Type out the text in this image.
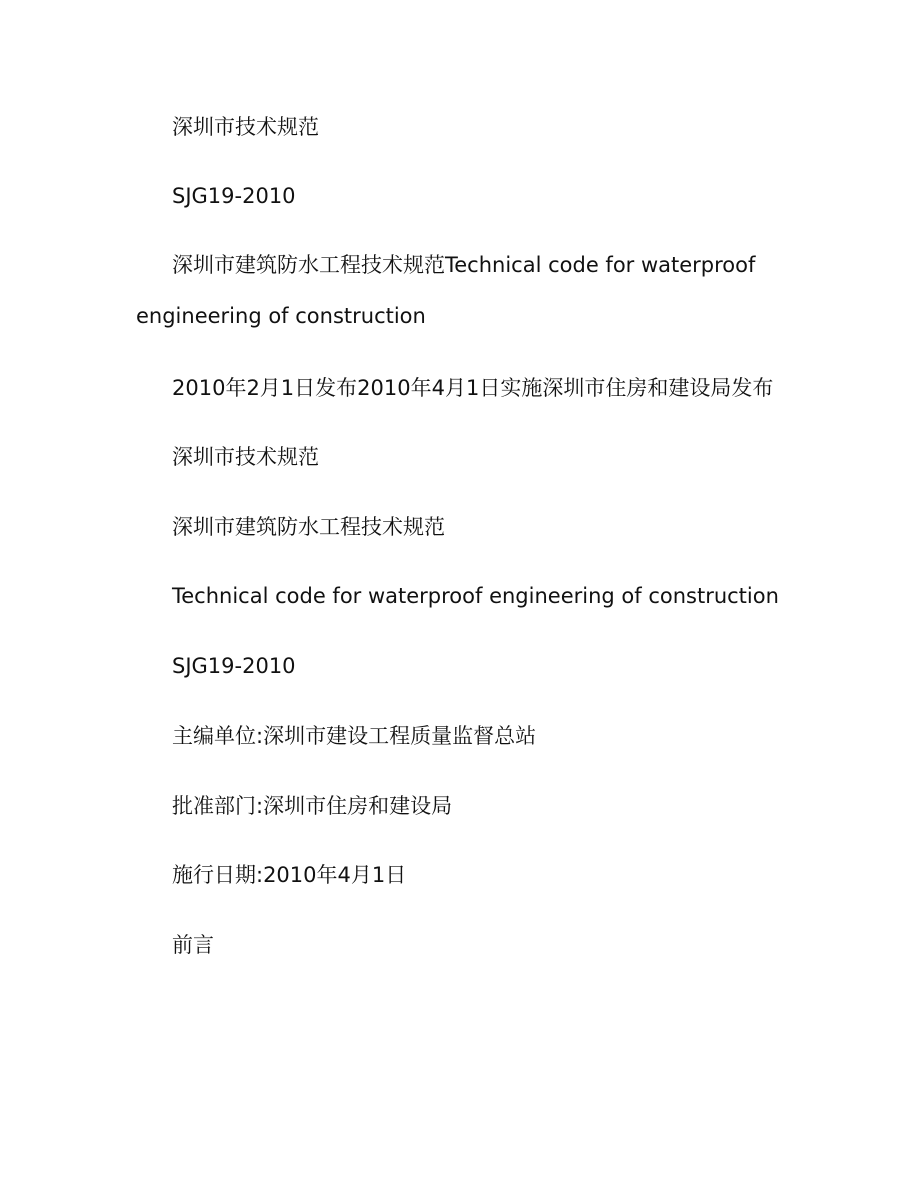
深圳市技术规范
SJG19-2010
深圳市建筑防水工程技术规范Technical code for waterproof engineering of construction
2010年2月1日发布2010年4月1日实施深圳市住房和建设局发布
深圳市技术规范
深圳市建筑防水工程技术规范
Technical code for waterproof engineering of construction
SJG19-2010
主编单位:深圳市建设工程质量监督总站
批准部门:深圳市住房和建设局
施行日期:2010年4月1日
前言
